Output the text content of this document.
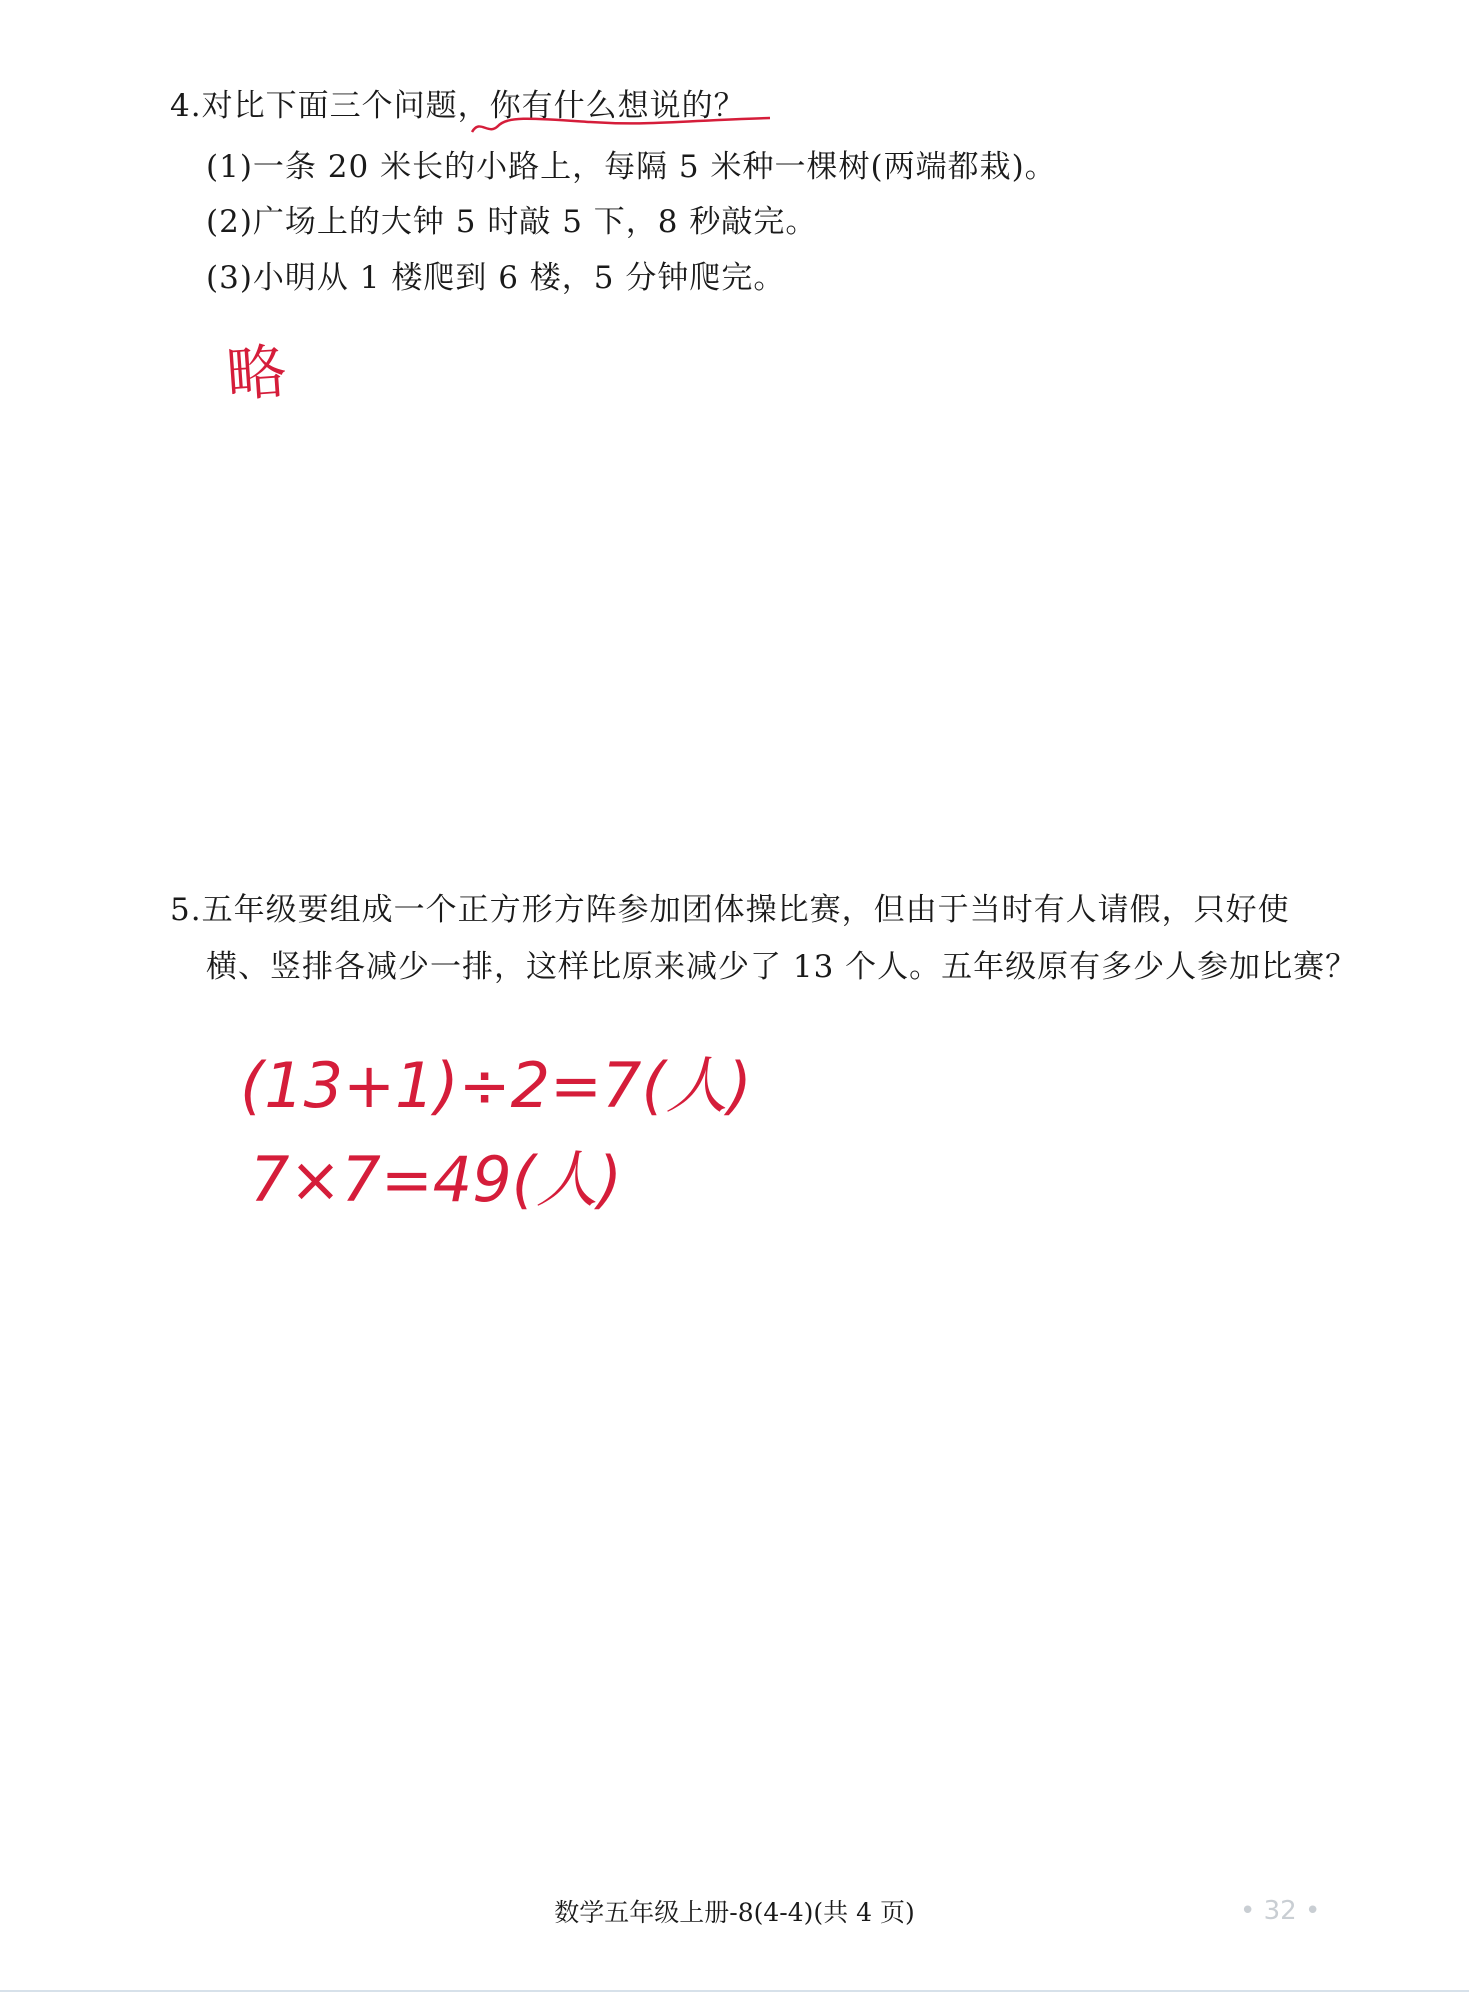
4.对比下面三个问题，你有什么想说的？
(1)一条 20 米长的小路上，每隔 5 米种一棵树(两端都栽)。
(2)广场上的大钟 5 时敲 5 下，8 秒敲完。
(3)小明从 1 楼爬到 6 楼，5 分钟爬完。
略
5.五年级要组成一个正方形方阵参加团体操比赛，但由于当时有人请假，只好使
横、竖排各减少一排，这样比原来减少了 13 个人。五年级原有多少人参加比赛？
(13+1)÷2=7(人)
7×7=49(人)
数学五年级上册-8(4-4)(共 4 页)	• 32 •
